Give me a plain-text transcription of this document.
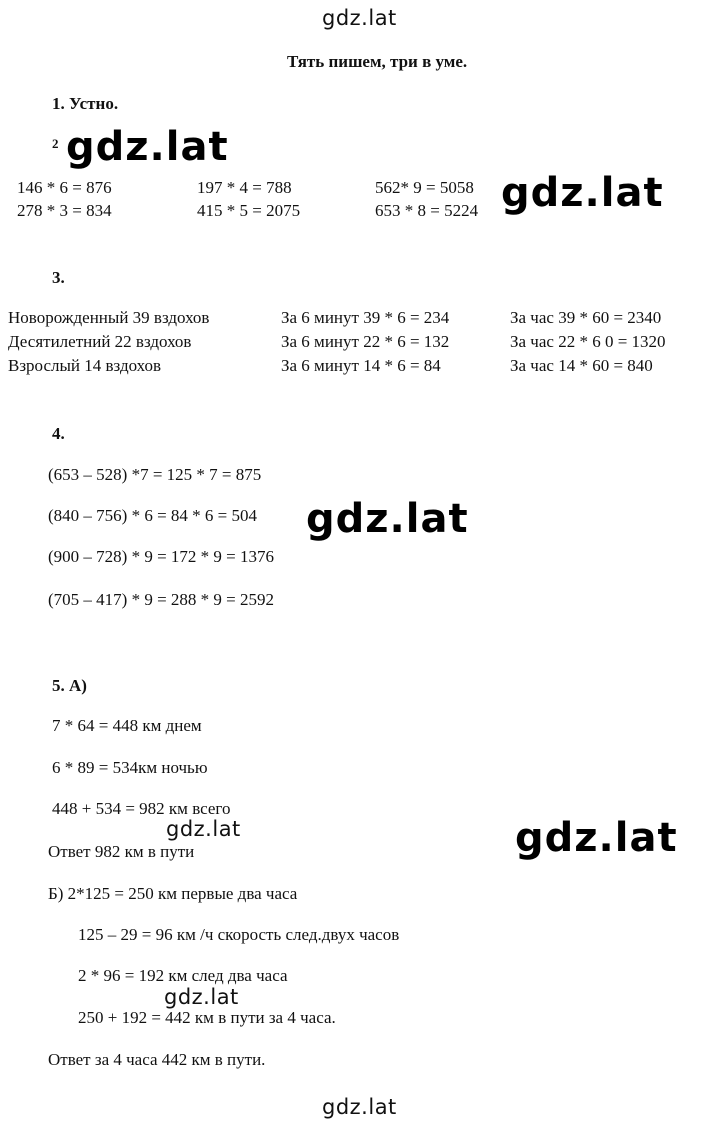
gdz.lat
Тять пишем, три в уме.
1. Устно.
2 gdz.lat
146 * 6 = 876	197 * 4 = 788	562* 9 = 5058
278 * 3 = 834	415 * 5 = 2075	653 * 8 = 5224 gdz.lat
3.
Новорожденный 39 вздохов	За 6 минут 39 * 6 = 234	За час 39 * 60 = 2340
Десятилетний 22 вздохов	За 6 минут 22 * 6 = 132	За час 22 * 6 0 = 1320
Взрослый 14 вздохов	За 6 минут 14 * 6 = 84	За час 14 * 60 = 840
4.
(653 – 528) *7 = 125 * 7 = 875
(840 – 756) * 6 = 84 * 6 = 504
(900 – 728) * 9 = 172 * 9 = 1376
(705 – 417) * 9 = 288 * 9 = 2592
gdz.lat
5. А)
7 * 64 = 448 км днем
6 * 89 = 534км ночью
448 + 534 = 982 км всего
gdz.lat
Ответ 982 км в пути	gdz.lat
Б) 2*125 = 250 км первые два часа
125 – 29 = 96 км /ч скорость след.двух часов
2 * 96 = 192 км след два часа
gdz.lat
250 + 192 = 442 км в пути за 4 часа.
Ответ за 4 часа 442 км в пути.
gdz.lat
